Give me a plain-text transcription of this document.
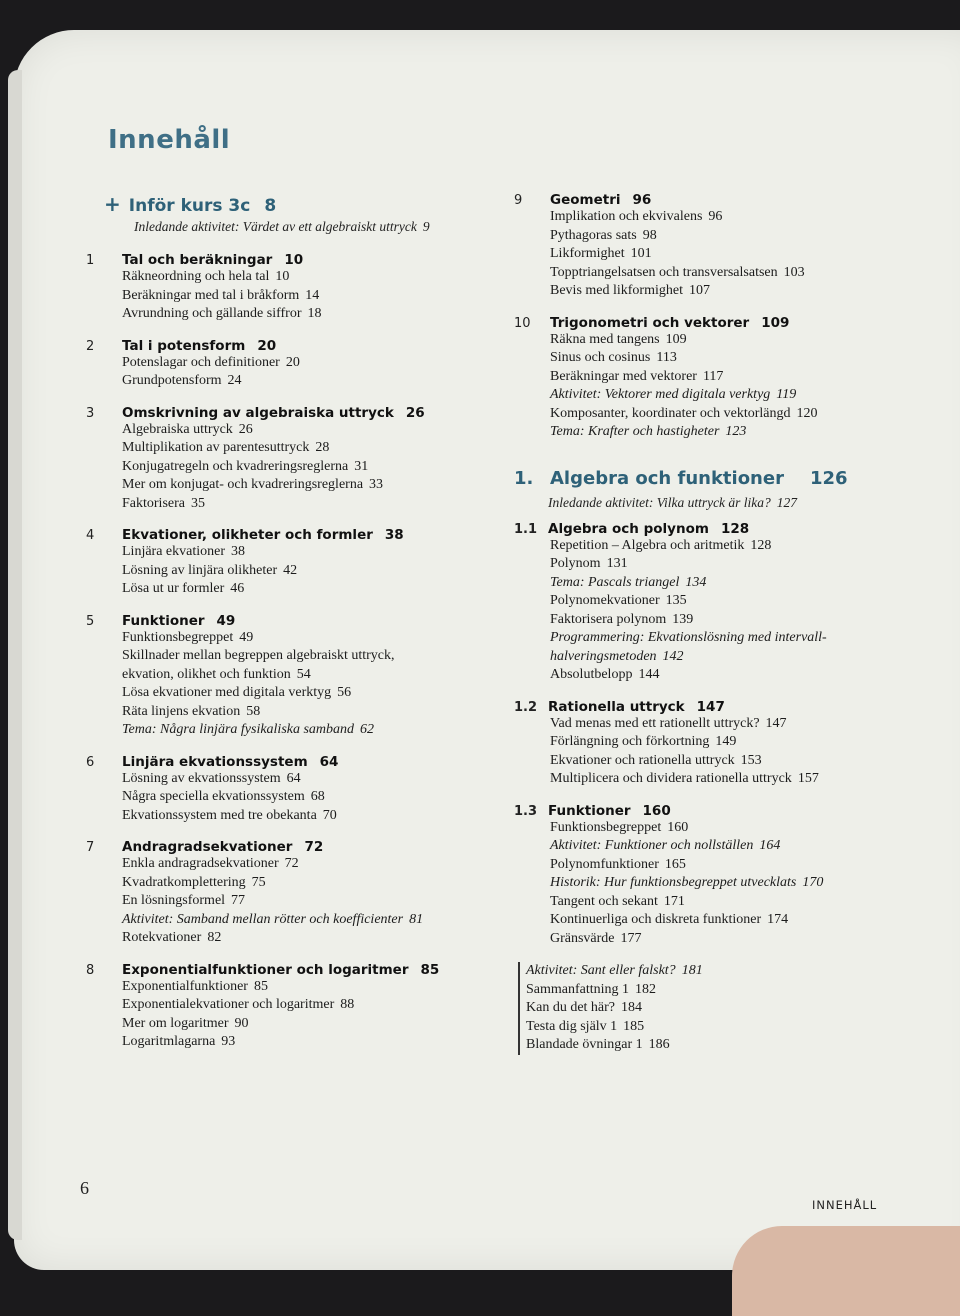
Innehåll
+ Inför kurs 3c 8
Inledande aktivitet: Värdet av ett algebraiskt uttryck 9
1	Tal och beräkningar 10
Räkneordning och hela tal 10
Beräkningar med tal i bråkform 14
Avrundning och gällande siffror 18
2	Tal i potensform 20
Potenslagar och definitioner 20
Grundpotensform 24
3	Omskrivning av algebraiska uttryck 26
Algebraiska uttryck 26
Multiplikation av parentesuttryck 28
Konjugatregeln och kvadreringsreglerna 31
Mer om konjugat- och kvadreringsreglerna 33
Faktorisera 35
4	Ekvationer, olikheter och formler 38
Linjära ekvationer 38
Lösning av linjära olikheter 42
Lösa ut ur formler 46
5	Funktioner 49
Funktionsbegreppet 49
Skillnader mellan begreppen algebraiskt uttryck,
ekvation, olikhet och funktion 54
Lösa ekvationer med digitala verktyg 56
Räta linjens ekvation 58
Tema: Några linjära fysikaliska samband 62
6	Linjära ekvationssystem 64
Lösning av ekvationssystem 64
Några speciella ekvationssystem 68
Ekvationssystem med tre obekanta 70
7	Andragradsekvationer 72
Enkla andragradsekvationer 72
Kvadratkomplettering 75
En lösningsformel 77
Aktivitet: Samband mellan rötter och koefficienter 81
Rotekvationer 82
8	Exponentialfunktioner och logaritmer 85
Exponentialfunktioner 85
Exponentialekvationer och logaritmer 88
Mer om logaritmer 90
Logaritmlagarna 93
9	Geometri 96
Implikation och ekvivalens 96
Pythagoras sats 98
Likformighet 101
Topptriangelsatsen och transversalsatsen 103
Bevis med likformighet 107
10	Trigonometri och vektorer 109
Räkna med tangens 109
Sinus och cosinus 113
Beräkningar med vektorer 117
Aktivitet: Vektorer med digitala verktyg 119
Komposanter, koordinater och vektorlängd 120
Tema: Krafter och hastigheter 123
1. Algebra och funktioner 126
Inledande aktivitet: Vilka uttryck är lika? 127
1.1 Algebra och polynom 128
Repetition – Algebra och aritmetik 128
Polynom 131
Tema: Pascals triangel 134
Polynomekvationer 135
Faktorisera polynom 139
Programmering: Ekvationslösning med intervall-
halveringsmetoden 142
Absolutbelopp 144
1.2 Rationella uttryck 147
Vad menas med ett rationellt uttryck? 147
Förlängning och förkortning 149
Ekvationer och rationella uttryck 153
Multiplicera och dividera rationella uttryck 157
1.3 Funktioner 160
Funktionsbegreppet 160
Aktivitet: Funktioner och nollställen 164
Polynomfunktioner 165
Historik: Hur funktionsbegreppet utvecklats 170
Tangent och sekant 171
Kontinuerliga och diskreta funktioner 174
Gränsvärde 177
Aktivitet: Sant eller falskt? 181
Sammanfattning 1 182
Kan du det här? 184
Testa dig själv 1 185
Blandade övningar 1 186
6
INNEHÅLL
